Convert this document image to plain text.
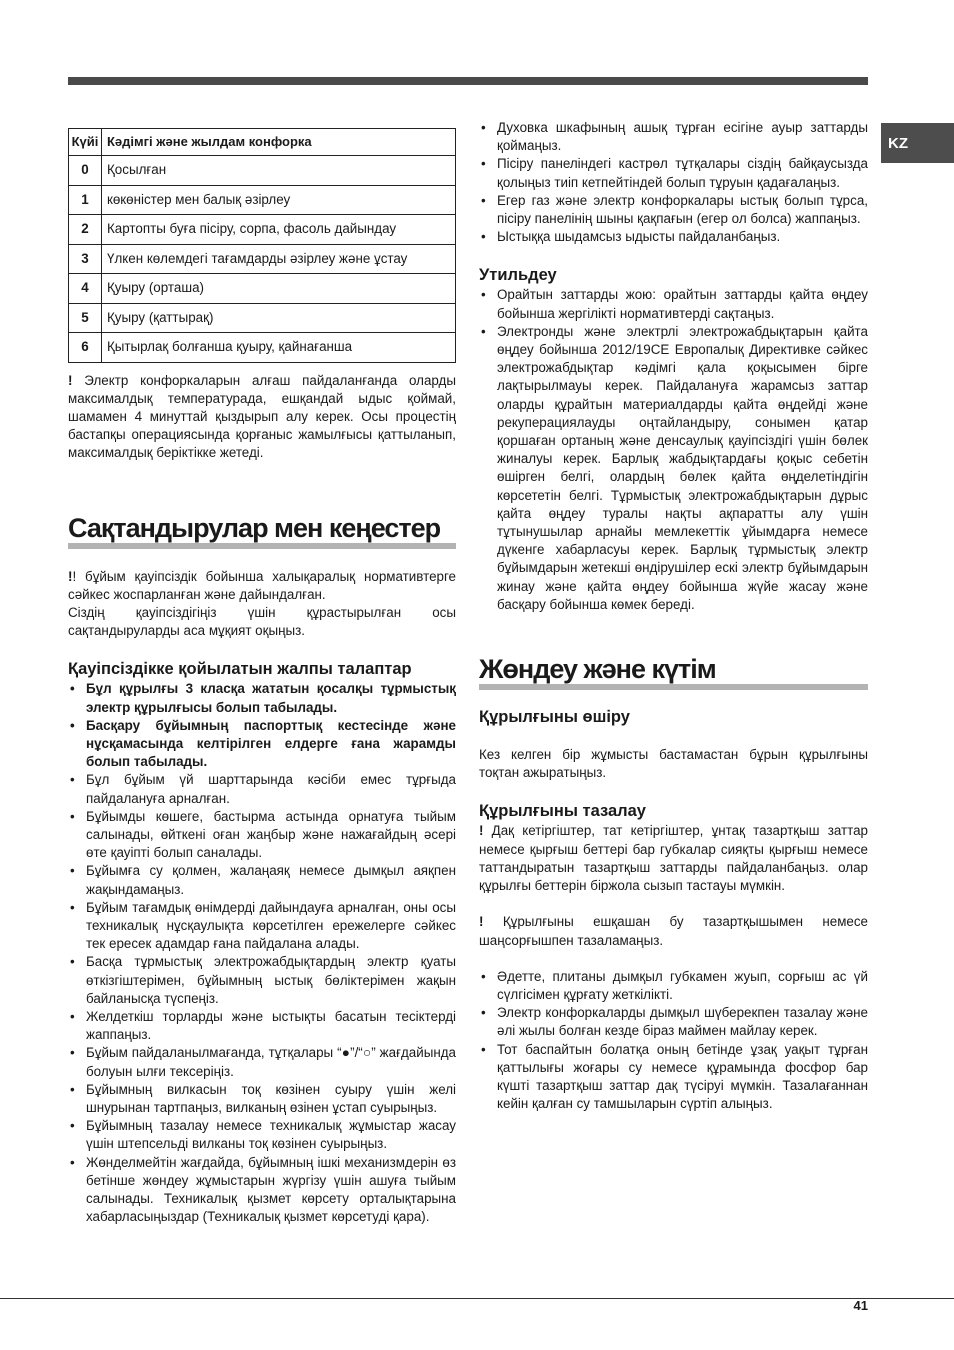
KZ
Күйі	Кәдімгі және жылдам конфорка
0	Қосылған
1	көкөністер мен балық әзірлеу
2	Картопты буға пісіру, сорпа, фасоль дайындау
3	Үлкен көлемдегі тағамдарды әзірлеу және ұстау
4	Қуыру (орташа)
5	Қуыру (қаттырақ)
6	Қытырлақ болғанша қуыру, қайнағанша

! Электр конфоркаларын алғаш пайдаланғанда оларды максималдық температурада, ешқандай ыдыс қоймай, шамамен 4 минуттай қыздырып алу керек. Осы процестің бастапқы операциясында қорғаныс жамылғысы қаттыланып, максималдық беріктікке жетеді.

Сақтандырулар мен кеңестер

!! бұйым қауіпсіздік бойынша халықаралық нормативтерге сәйкес жоспарланған және дайындалған.

Сіздің қауіпсіздігіңіз үшін құрастырылған осы сақтандыруларды аса мұқият оқыңыз.

Қауіпсіздікке қойылатын жалпы талаптар
• Бұл құрылғы 3 класқа жататын қосалқы тұрмыстық электр құрылғысы болып табылады.
• Басқару бұйымның паспорттық кестесінде және нұсқамасында келтірілген елдерге ғана жарамды болып табылады.
• Бұл бұйым үй шарттарында кәсіби емес тұрғыда пайдалануға арналған.
• Бұйымды көшеге, бастырма астында орнатуға тыйым салынады, өйткені оған жаңбыр және нажағайдың әсері өте қауіпті болып саналады.
• Бұйымға су қолмен, жалаңаяқ немесе дымқыл аяқпен жақындамаңыз.
• Бұйым тағамдық өнімдерді дайындауға арналған, оны осы техникалық нұсқаулықта көрсетілген ережелерге сәйкес тек ересек адамдар ғана пайдалана алады.
• Басқа тұрмыстық электрожабдықтардың электр қуаты өткізгіштерімен, бұйымның ыстық бөліктерімен жақын байланысқа түспеңіз.
• Желдеткіш торларды және ыстықты басатын тесіктерді жаппаңыз.
• Бұйым пайдаланылмағанда, тұтқалары “●”/“○” жағдайында болуын ылғи тексеріңіз.
• Бұйымның вилкасын тоқ көзінен суыру үшін желі шнурынан тартпаңыз, вилканың өзінен ұстап суырыңыз.
• Бұйымның тазалау немесе техникалық жұмыстар жасау үшін штепсельді вилканы тоқ көзінен суырыңыз.
• Жөнделмейтін жағдайда, бұйымның ішкі механизмдерін өз бетінше жөндеу жұмыстарын жүргізу үшін ашуға тыйым салынады. Техникалық қызмет көрсету орталықтарына хабарласыңыздар (Техникалық қызмет көрсетуді қара).
• Духовка шкафының ашық тұрған есігіне ауыр заттарды қоймаңыз.
• Пісіру панеліндегі кастрөл тұтқалары сіздің байқаусызда қолыңыз тиіп кетпейтіндей болып тұруын қадағалаңыз.
• Егер газ және электр конфоркалары ыстық болып тұрса, пісіру панелінің шыны қақпағын (егер ол болса) жаппаңыз.
• Ыстыққа шыдамсыз ыдысты пайдаланбаңыз.
Утильдеу
• Орайтын заттарды жою: орайтын заттарды қайта өңдеу бойынша жергілікті нормативтерді сақтаңыз.
• Электронды және электрлі электрожабдықтарын қайта өңдеу бойынша 2012/19CE Европалық Директивке сәйкес электрожабдықтар кәдімгі қала қоқысымен бірге лақтырылмауы керек. Пайдалануға жарамсыз заттар оларды құрайтын материалдарды қайта өңдейді және рекуперациялауды оңтайландыру, сонымен қатар қоршаған ортаның және денсаулық қауіпсіздігі үшін бөлек жиналуы керек. Барлық жабдықтардағы қоқыс себетін өшірген белгі, олардың бөлек қайта өңделетіндігін көрсететін белгі. Тұрмыстық электрожабдықтарын дұрыс қайта өңдеу туралы нақты ақпаратты алу үшін тұтынушылар арнайы мемлекеттік ұйымдарға немесе дүкенге хабарласуы керек. Барлық тұрмыстық электр бұйымдарын жетекші өндірушілер ескі электр бұйымдарын жинау және қайта өңдеу бойынша жүйе жасау және басқару бойынша көмек береді.
Жөндеу және күтім
Құрылғыны өшіру

Кез келген бір жұмысты бастамастан бұрын құрылғыны тоқтан ажыратыңыз.

Құрылғыны тазалау

! Дақ кетіргіштер, тат кетіргіштер, ұнтақ тазартқыш заттар немесе қырғыш беттері бар губкалар сияқты қырғыш немесе таттандыратын тазартқыш заттарды пайдаланбаңыз. олар құрылғы беттерін біржола сызып тастауы мүмкін.

! Құрылғыны ешқашан бу тазартқышымен немесе шаңсорғышпен тазаламаңыз.

• Әдетте, плитаны дымқыл губкамен жуып, сорғыш ас үй сүлгісімен құрғату жеткілікті.
• Электр конфоркаларды дымқыл шүберекпен тазалау және әлі жылы болған кезде біраз маймен майлау керек.
• Тот баспайтын болатқа оның бетінде ұзақ уақыт тұрған қаттылығы жоғары су немесе құрамында фосфор бар күшті тазартқыш заттар дақ түсіруі мүмкін. Тазалағаннан кейін қалған су тамшыларын сүртіп алыңыз.
41
